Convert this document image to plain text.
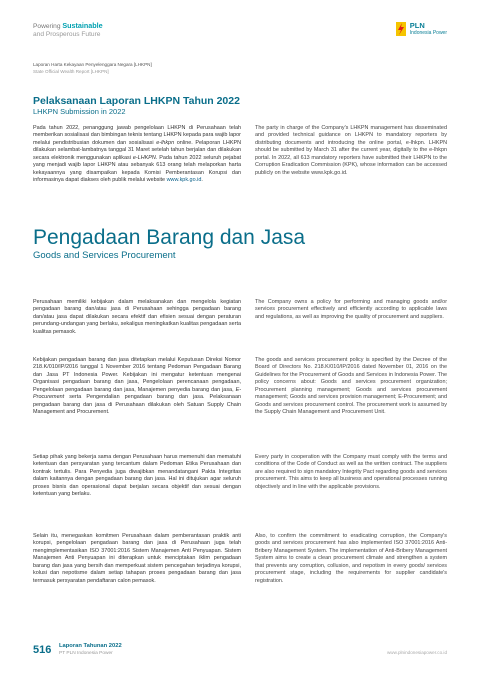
Powering Sustainable
and Prosperous Future
PLN
Indonesia Power
Laporan Harta Kekayaan Penyelenggara Negara [LHKPN]
State Official Wealth Report [LHKPN]
Pelaksanaan Laporan LHKPN Tahun 2022
LHKPN Submission in 2022
Pada tahun 2022, penanggung jawab pengelolaan LHKPN di Perusahaan telah memberikan sosialisasi dan bimbingan teknis tentang LHKPN kepada para wajib lapor melalui pendistribusian dokumen dan sosialisasi e-lhkpn online. Pelaporan LHKPN dilakukan selambat-lambatnya tanggal 31 Maret setelah tahun berjalan dan dilakukan secara elektronik menggunakan aplikasi e-LHKPN. Pada tahun 2022 seluruh pejabat yang menjadi wajib lapor LHKPN atau sebanyak 613 orang telah melaporkan harta kekayaannya yang disampaikan kepada Komisi Pemberantasan Korupsi dan informasinya dapat diakses oleh publik melalui website www.kpk.go.id.
The party in charge of the Company's LHKPN management has disseminated and provided technical guidance on LHKPN to mandatory reporters by distributing documents and introducing the online portal, e-lhkpn. LHKPN should be submitted by March 31 after the current year, digitally to the e-lhkpn portal. In 2022, all 613 mandatory reporters have submitted their LHKPN to the Corruption Eradication Commission (KPK), whose information can be accessed publicly on the website www.kpk.go.id.
Pengadaan Barang dan Jasa
Goods and Services Procurement
Perusahaan memiliki kebijakan dalam melaksanakan dan mengelola kegiatan pengadaan barang dan/atau jasa di Perusahaan sehingga pengadaan barang dan/atau jasa dapat dilakukan secara efektif dan efisien sesuai dengan peraturan perundang-undangan yang berlaku, sekaligus meningkatkan kualitas pengadaan serta kualitas pemasok.
The Company owns a policy for performing and managing goods and/or services procurement effectively and efficiently according to applicable laws and regulations, as well as improving the quality of procurement and suppliers.
Kebijakan pengadaan barang dan jasa ditetapkan melalui Keputusan Direksi Nomor 218.K/010/IP/2016 tanggal 1 November 2016 tentang Pedoman Pengadaan Barang dan Jasa PT Indonesia Power. Kebijakan ini mengatur ketentuan mengenai Organisasi pengadaan barang dan jasa, Pengelolaan perencanaan pengadaan, Pengelolaan pengadaan barang dan jasa, Manajemen penyedia barang dan jasa, E-Procurement serta Pengendalian pengadaan barang dan jasa. Pelaksanaan pengadaan barang dan jasa di Perusahaan dilakukan oleh Satuan Supply Chain Management and Procurement.
The goods and services procurement policy is specified by the Decree of the Board of Directors No. 218.K/010/IP/2016 dated November 01, 2016 on the Guidelines for the Procurement of Goods and Services in Indonesia Power. The policy concerns about: Goods and services procurement organization; Procurement planning management; Goods and services procurement management; Goods and services provision management; E-Procurement; and Goods and services procurement control. The procurement work is assumed by the Supply Chain Management and Procurement Unit.
Setiap pihak yang bekerja sama dengan Perusahaan harus memenuhi dan mematuhi ketentuan dan persyaratan yang tercantum dalam Pedoman Etika Perusahaan dan kontrak tertulis. Para Penyedia juga diwajibkan menandatangani Pakta Integritas dalam kaitannya dengan pengadaan barang dan jasa. Hal ini ditujukan agar seluruh proses bisnis dan operasional dapat berjalan secara objektif dan sesuai dengan ketentuan yang berlaku.
Every party in cooperation with the Company must comply with the terms and conditions of the Code of Conduct as well as the written contract. The suppliers are also required to sign mandatory Integrity Pact regarding goods and services procurement. This aims to keep all business and operational processes running objectively and in line with the applicable provisions.
Selain itu, menegaskan komitmen Perusahaan dalam pemberantasan praktik anti korupsi, pengelolaan pengadaan barang dan jasa di Perusahaan juga telah mengimplementasikan ISO 37001:2016 Sistem Manajemen Anti Penyuapan. Sistem Manajemen Anti Penyuapan ini diterapkan untuk menciptakan iklim pengadaan barang dan jasa yang bersih dan memperkuat sistem pencegahan terjadinya korupsi, kolusi dan nepotisme dalam setiap tahapan proses pengadaan barang dan jasa termasuk persyaratan pendaftaran calon pemasok.
Also, to confirm the commitment to eradicating corruption, the Company's goods and services procurement has also implemented ISO 37001:2016 Anti-Bribery Management System. The implementation of Anti-Bribery Management System aims to create a clean procurement climate and strengthen a system that prevents any corruption, collusion, and nepotism in every goods/ services procurement stage, including the requirements for supplier candidate's registration.
516 Laporan Tahunan 2022
PT PLN Indonesia Power	www.plnindonesiapower.co.id
